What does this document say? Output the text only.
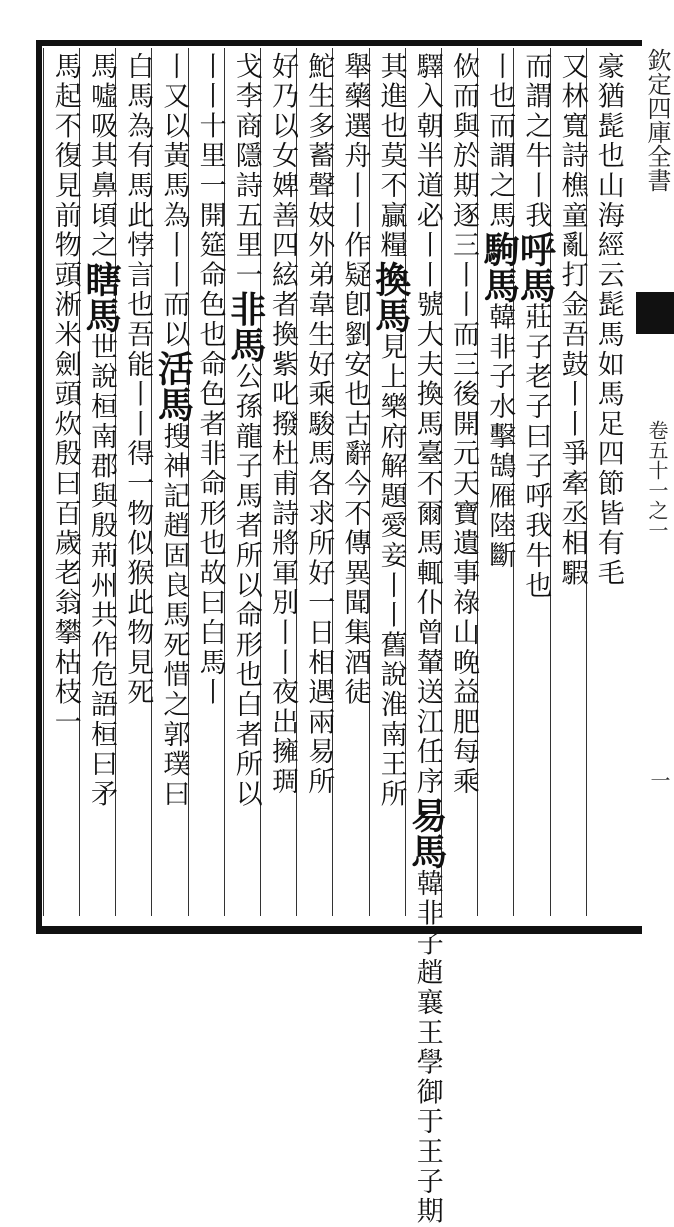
欽定四庫全書
卷五十一之一
一
豪猶髭也山海經云髭馬如馬足四節皆有毛
又林寬詩樵童亂打金吾鼓丨丨爭牽丞相騢
而謂之牛丨我呼馬莊子老子曰子呼我牛也
丨也而謂之馬駒馬韓非子水擊鵠雁陸斷
佽而與於期逐三丨丨而三後開元天寶遺事祿山晚益肥每乘
驛入朝半道必丨丨號大夫換馬臺不爾馬輒仆曾輦送江任序易馬韓非子趙襄王學御于王子期
其進也莫不贏糧換馬見上樂府解題愛妾丨丨舊說淮南王所
舉藥選舟丨丨作疑卽劉安也古辭今不傳異聞集酒徒
鮀生多蓄聲妓外弟韋生好乘駿馬各求所好一日相遇兩易所
好乃以女婢善四絃者換紫叱撥杜甫詩將軍別丨丨夜出擁琱
戈李商隱詩五里一非馬公孫龍子馬者所以命形也白者所以
丨丨十里一開筵命色也命色者非命形也故曰白馬丨
丨又以黃馬為丨丨而以活馬搜神記趙固良馬死惜之郭璞曰
白馬為有馬此悖言也吾能丨丨得一物似猴此物見死
馬噓吸其鼻頃之瞎馬世說桓南郡與殷荊州共作危語桓曰矛
馬起不復見前物頭淅米劍頭炊殷曰百歲老翁攀枯枝一
